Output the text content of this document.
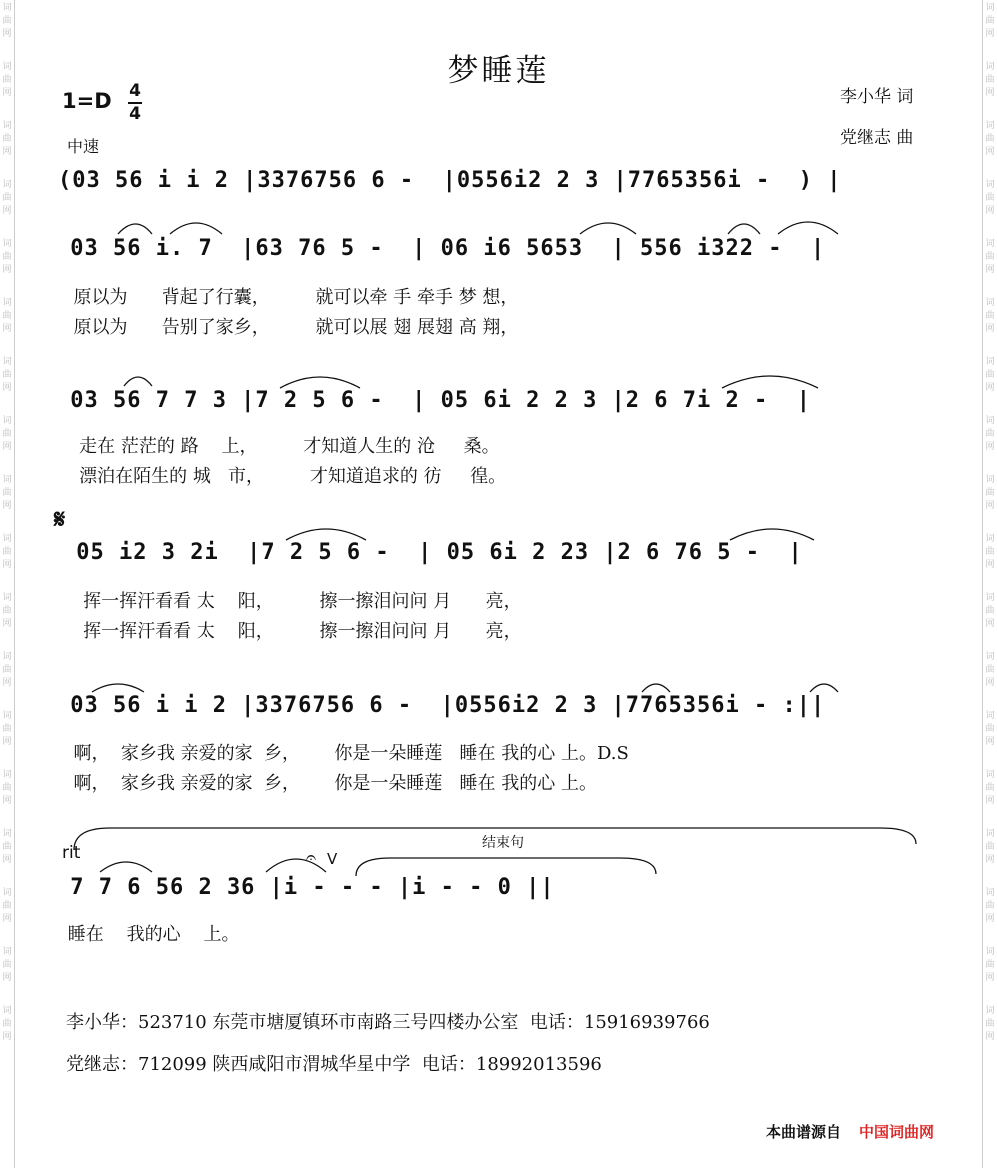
词
曲
网
词
曲
网
词
曲
网
词
曲
网
词
曲
网
词
曲
网
词
曲
网
词
曲
网
词
曲
网
词
曲
网
词
曲
网
词
曲
网
词
曲
网
词
曲
网
词
曲
网
词
曲
网
词
曲
网
词
曲
网
词
曲
网
词
曲
网
词
曲
网
词
曲
网
词
曲
网
词
曲
网
词
曲
网
词
曲
网
词
曲
网
词
曲
网
词
曲
网
词
曲
网
词
曲
网
词
曲
网
词
曲
网
词
曲
网
词
曲
网
词
曲
网
梦睡莲
李小华 词
党继志 曲
1=D 4
4
中速
(03 56 i i 2 |3376756 6 -  |0556i2 2 3 |7765356i -  ) |
03 56 i. 7  |63 76 5 -  | 06 i6 5653  | 556 i322 -  |
原以为      背起了行囊，        就可以牵 手 牵手 梦 想，
原以为      告别了家乡，        就可以展 翅 展翅 高 翔，
03 56 7 7 3 |7 2 5 6 -  | 05 6i 2 2 3 |2 6 7i 2 -  |
走在 茫茫的 路    上，        才知道人生的 沧     桑。
漂泊在陌生的 城   市，        才知道追求的 彷     徨。
𝄋
05 i2 3 2i  |7 2 5 6 -  | 05 6i 2 23 |2 6 76 5 -  |
挥一挥汗看看 太    阳，        擦一擦泪问问 月      亮，
挥一挥汗看看 太    阳，        擦一擦泪问问 月      亮，
03 56 i i 2 |3376756 6 -  |0556i2 2 3 |7765356i - :||
啊，  家乡我 亲爱的家  乡，      你是一朵睡莲   睡在 我的心 上。D.S
啊，  家乡我 亲爱的家  乡，      你是一朵睡莲   睡在 我的心 上。
结束句
rit	𝄐 V
7 7 6 56 2 36 |i - - - |i - - 0 ||
睡在    我的心    上。
李小华：523710 东莞市塘厦镇环市南路三号四楼办公室  电话：15916939766
党继志：712099 陕西咸阳市渭城华星中学  电话：18992013596
本曲谱源自 中国词曲网
